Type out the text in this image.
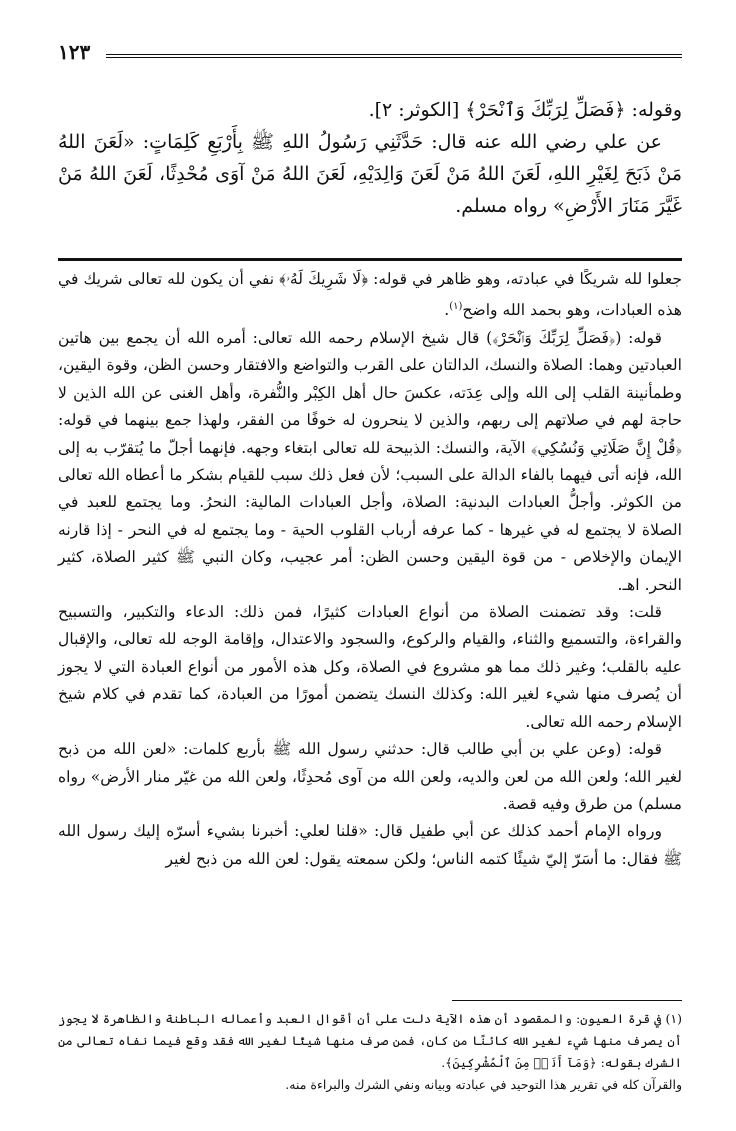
١٢٣

وقوله: ﴿فَصَلِّ لِرَبِّكَ وَٱنْحَرْ﴾ [الكوثر: ٢].

عن علي رضي الله عنه قال: حَدَّثَنِي رَسُولُ اللهِ ﷺ بِأَرْبَعِ كَلِمَاتٍ: «لَعَنَ اللهُ مَنْ ذَبَحَ لِغَيْرِ اللهِ، لَعَنَ اللهُ مَنْ لَعَنَ وَالِدَيْهِ، لَعَنَ اللهُ مَنْ آوَى مُحْدِثًا، لَعَنَ اللهُ مَنْ غَيَّرَ مَنَارَ الأَرْضِ» رواه مسلم.

جعلوا لله شريكًا في عبادته، وهو ظاهر في قوله: ﴿لَا شَرِيكَ لَهُۥ﴾ نفي أن يكون لله تعالى شريك في هذه العبادات، وهو بحمد الله واضح$^{(١)}$.

قوله: (﴿فَصَلِّ لِرَبِّكَ وَٱنْحَرْ﴾) قال شيخ الإسلام رحمه الله تعالى: أمره الله أن يجمع بين هاتين العبادتين وهما: الصلاة والنسك، الدالتان على القرب والتواضع والافتقار وحسن الظن، وقوة اليقين، وطمأنينة القلب إلى الله وإلى عِدَته، عكسَ حال أهل الكِبْر والنُّفرة، وأهل الغنى عن الله الذين لا حاجة لهم في صلاتهم إلى ربهم، والذين لا ينحرون له خوفًا من الفقر، ولهذا جمع بينهما في قوله: ﴿قُلْ إِنَّ صَلَاتِي وَنُسُكِي﴾ الآية، والنسك: الذبيحة لله تعالى ابتغاء وجهه. فإنهما أجلّ ما يُتقرّب به إلى الله، فإنه أتى فيهما بالفاء الدالة على السبب؛ لأن فعل ذلك سبب للقيام بشكر ما أعطاه الله تعالى من الكوثر. وأجلُّ العبادات البدنية: الصلاة، وأجل العبادات المالية: النحرُ. وما يجتمع للعبد في الصلاة لا يجتمع له في غيرها - كما عرفه أرباب القلوب الحية - وما يجتمع له في النحر - إذا قارنه الإيمان والإخلاص - من قوة اليقين وحسن الظن: أمر عجيب، وكان النبي ﷺ كثير الصلاة، كثير النحر. اهـ.

قلت: وقد تضمنت الصلاة من أنواع العبادات كثيرًا، فمن ذلك: الدعاء والتكبير، والتسبيح والقراءة، والتسميع والثناء، والقيام والركوع، والسجود والاعتدال، وإقامة الوجه لله تعالى، والإقبال عليه بالقلب؛ وغير ذلك مما هو مشروع في الصلاة، وكل هذه الأمور من أنواع العبادة التي لا يجوز أن يُصرف منها شيء لغير الله: وكذلك النسك يتضمن أمورًا من العبادة، كما تقدم في كلام شيخ الإسلام رحمه الله تعالى.

قوله: (وعن علي بن أبي طالب قال: حدثني رسول الله ﷺ بأربع كلمات: «لعن الله من ذبح لغير الله؛ ولعن الله من لعن والديه، ولعن الله من آوى مُحدِثًا، ولعن الله من غيّر منار الأرض» رواه مسلم) من طرق وفيه قصة.

ورواه الإمام أحمد كذلك عن أبي طفيل قال: «قلنا لعلي: أخبرنا بشيء أسرّه إليك رسول الله ﷺ فقال: ما أسَرّ إليّ شيئًا كتمه الناس؛ ولكن سمعته يقول: لعن الله من ذبح لغير

(١) في قرة العيون: والمقصود أن هذه الآية دلت على أن أقوال العبد وأعماله الباطنة والظاهرة لا يجوز أن يصرف منها شيء لغير الله كائنًا من كان، فمن صرف منها شيئًا لغير الله فقد وقع فيما نفاه تعالى من الشرك بقوله: ﴿وَمَآ أَنَا۠ مِنَ ٱلْمُشْرِكِينَ﴾.

والقرآن كله في تقرير هذا التوحيد في عبادته وبيانه ونفي الشرك والبراءة منه.
